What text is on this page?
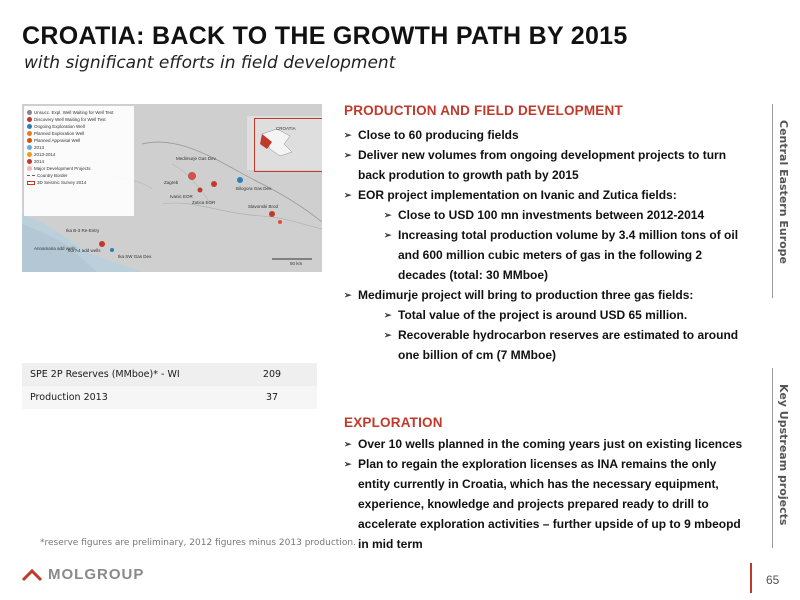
CROATIA: BACK TO THE GROWTH PATH BY 2015
with significant efforts in field development
Unsucc. Expl. Well Waiting for Well Test
Discovery Well Waiting for Well Test
Ongoing Exploration Well
Planned Exploration Well
Planned Appraisal Well
2013
2013-2014
2014
Major Development Projects
Country Border
3D Seismic Survey 2014
Medimurje Gas Dev.
Zagreb
Ivanic EOR
Zutica EOR
Bilogora Gas Dev.
Slavonski Brod
CROATIA
Annamaria add wells
Ika B-3 Re-Entry
Ika SW Gas Dev.
Ika A4 add wells
50 km
SPE 2P Reserves (MMboe)* - WI	209
Production 2013	37
*reserve figures are preliminary, 2012 figures minus 2013 production.
PRODUCTION AND FIELD DEVELOPMENT
➢ Close to 60 producing fields
➢ Deliver new volumes from ongoing development projects to turn back prodution to growth path by 2015
➢ EOR project implementation on Ivanic and Zutica fields:
➢ Close to USD 100 mn investments between 2012-2014
➢ Increasing total production volume by 3.4 million tons of oil and 600 million cubic meters of gas in the following 2 decades (total: 30 MMboe)
➢ Medimurje project will bring to production three gas fields:
➢ Total value of the project is around USD 65 million.
➢ Recoverable hydrocarbon reserves are estimated to around one billion of cm (7 MMboe)
EXPLORATION
➢ Over 10 wells planned in the coming years just on existing licences
➢ Plan to regain the exploration licenses as INA remains the only entity currently in Croatia, which has the necessary equipment, experience, knowledge and projects prepared ready to drill to accelerate exploration activities – further upside of up to 9 mbeopd in mid term
Central Eastern Europe
Key Upstream projects
MOLGROUP	65
